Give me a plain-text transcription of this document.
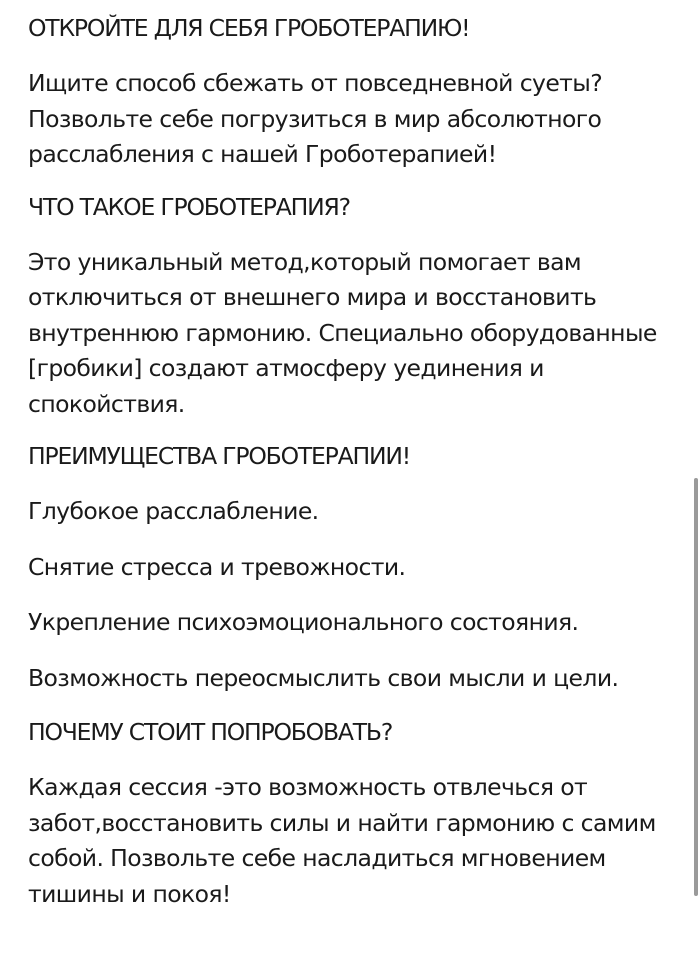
ОТКРОЙТЕ ДЛЯ СЕБЯ ГРОБОТЕРАПИЮ!
Ищите способ сбежать от повседневной суеты? Позвольте себе погрузиться в мир абсолютного расслабления с нашей Гроботерапией!
ЧТО ТАКОЕ ГРОБОТЕРАПИЯ?
Это уникальный метод,который помогает вам отключиться от внешнего мира и восстановить внутреннюю гармонию. Специально оборудованные [гробики] создают атмосферу уединения и спокойствия.
ПРЕИМУЩЕСТВА ГРОБОТЕРАПИИ!
Глубокое расслабление.
Снятие стресса и тревожности.
Укрепление психоэмоционального состояния.
Возможность переосмыслить свои мысли и цели.
ПОЧЕМУ СТОИТ ПОПРОБОВАТЬ?
Каждая сессия -это возможность отвлечься от забот,восстановить силы и найти гармонию с самим собой. Позвольте себе насладиться мгновением тишины и покоя!
